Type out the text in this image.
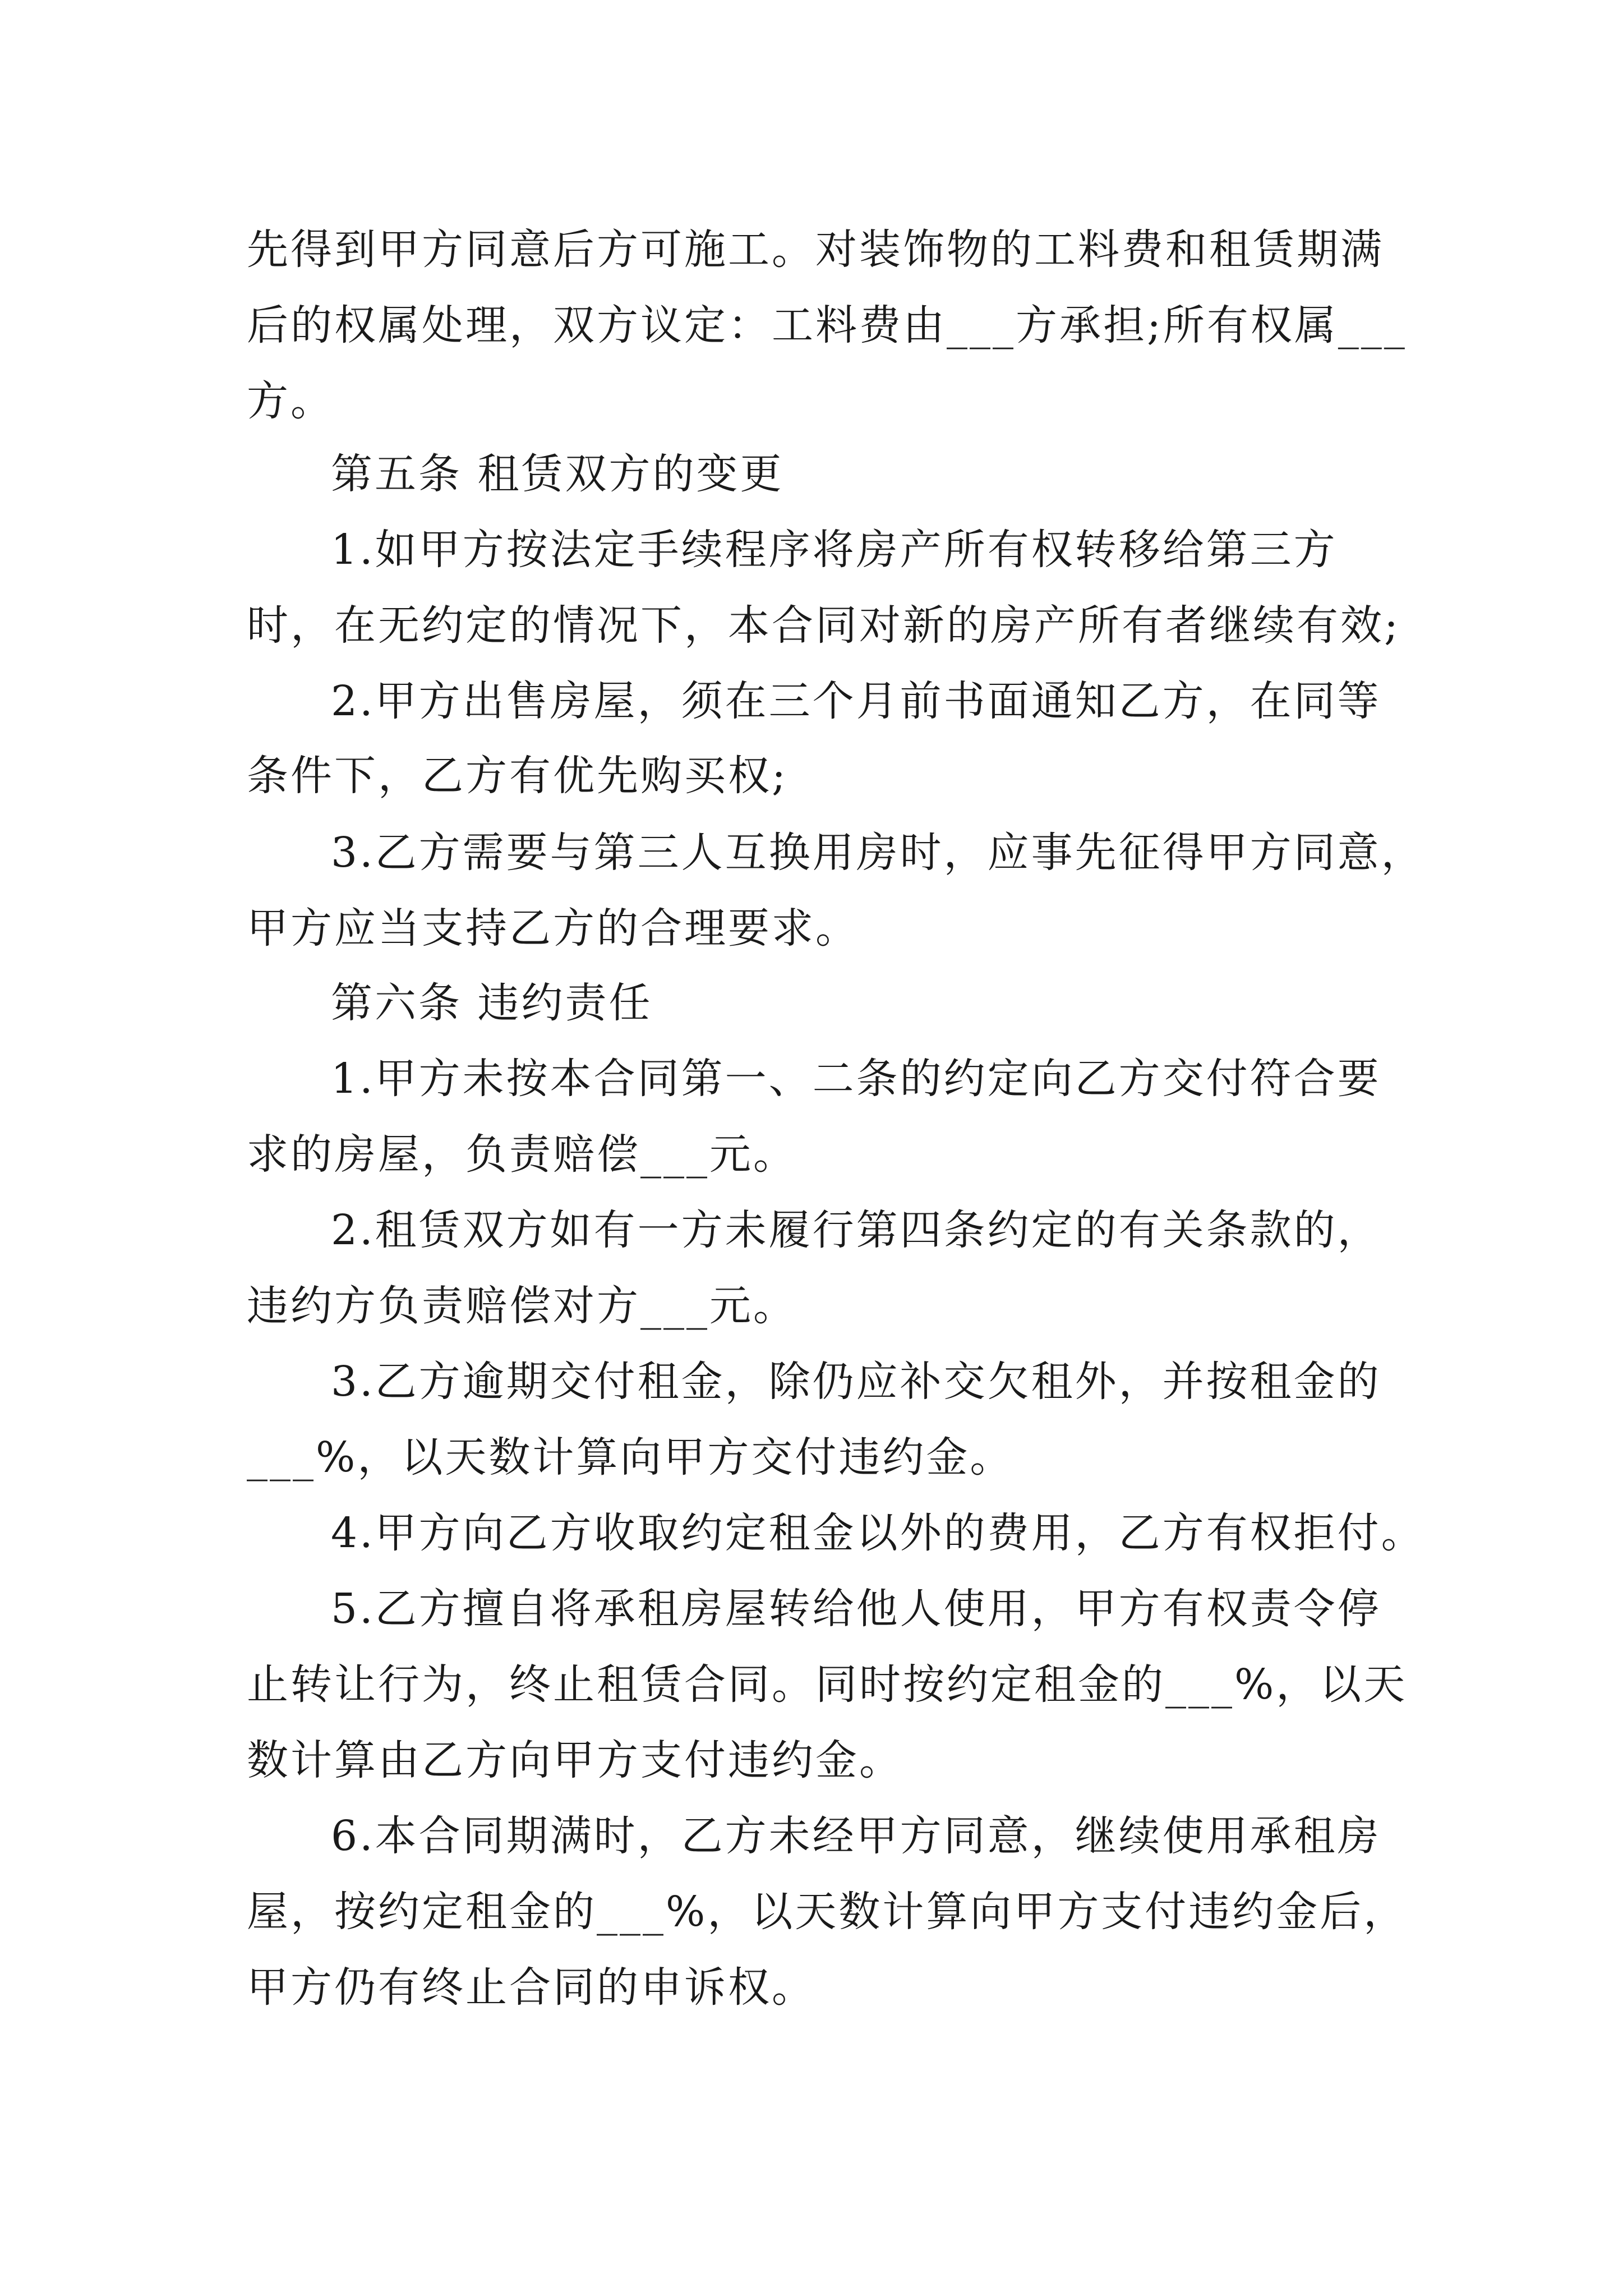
先得到甲方同意后方可施工。对装饰物的工料费和租赁期满

后的权属处理，双方议定：工料费由___方承担;所有权属___

方。

第五条 租赁双方的变更

1.如甲方按法定手续程序将房产所有权转移给第三方

时，在无约定的情况下，本合同对新的房产所有者继续有效;

2.甲方出售房屋，须在三个月前书面通知乙方，在同等

条件下，乙方有优先购买权;

3.乙方需要与第三人互换用房时，应事先征得甲方同意，

甲方应当支持乙方的合理要求。

第六条 违约责任

1.甲方未按本合同第一、二条的约定向乙方交付符合要

求的房屋，负责赔偿___元。

2.租赁双方如有一方未履行第四条约定的有关条款的，

违约方负责赔偿对方___元。

3.乙方逾期交付租金，除仍应补交欠租外，并按租金的

___%，以天数计算向甲方交付违约金。

4.甲方向乙方收取约定租金以外的费用，乙方有权拒付。

5.乙方擅自将承租房屋转给他人使用，甲方有权责令停

止转让行为，终止租赁合同。同时按约定租金的___%，以天

数计算由乙方向甲方支付违约金。

6.本合同期满时，乙方未经甲方同意，继续使用承租房

屋，按约定租金的___%，以天数计算向甲方支付违约金后，

甲方仍有终止合同的申诉权。
